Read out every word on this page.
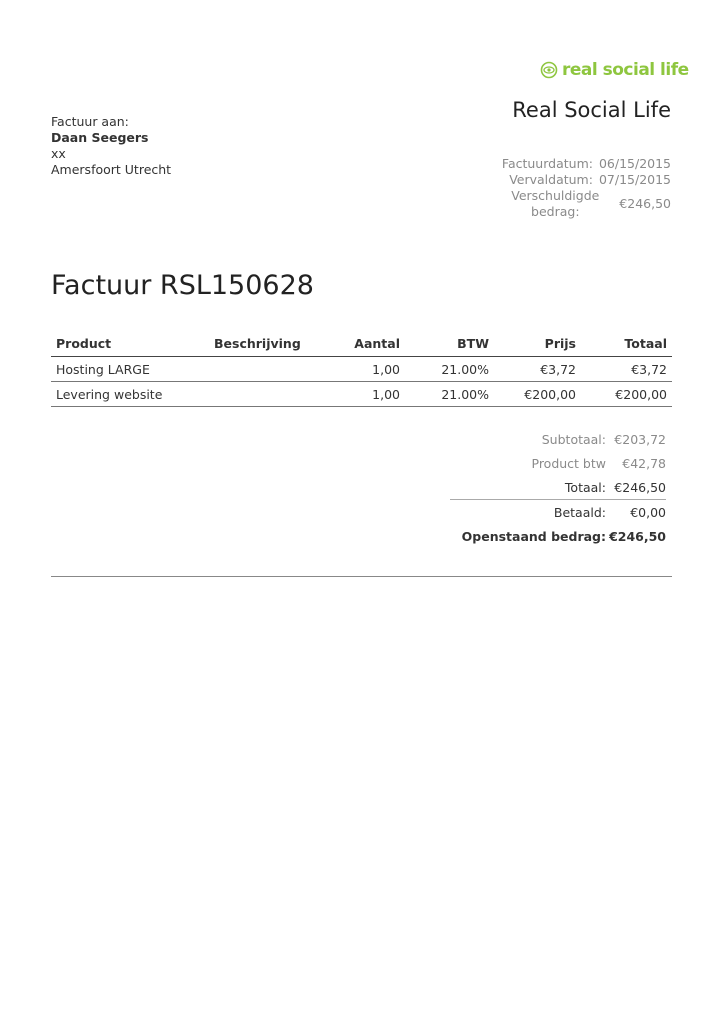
real social life
Real Social Life
Factuur aan:
Daan Seegers
xx
Amersfoort Utrecht	Factuurdatum: 06/15/2015
Vervaldatum: 07/15/2015
Verschuldigde bedrag:
€246,50
Factuur RSL150628
Product	Beschrijving	Aantal	BTW	Prijs	Totaal
Hosting LARGE		1,00	21.00%	€3,72	€3,72
Levering website		1,00	21.00%	€200,00	€200,00
Subtotaal: €203,72
Product btw	€42,78
Totaal: €246,50
Betaald:	€0,00
Openstaand bedrag: €246,50
